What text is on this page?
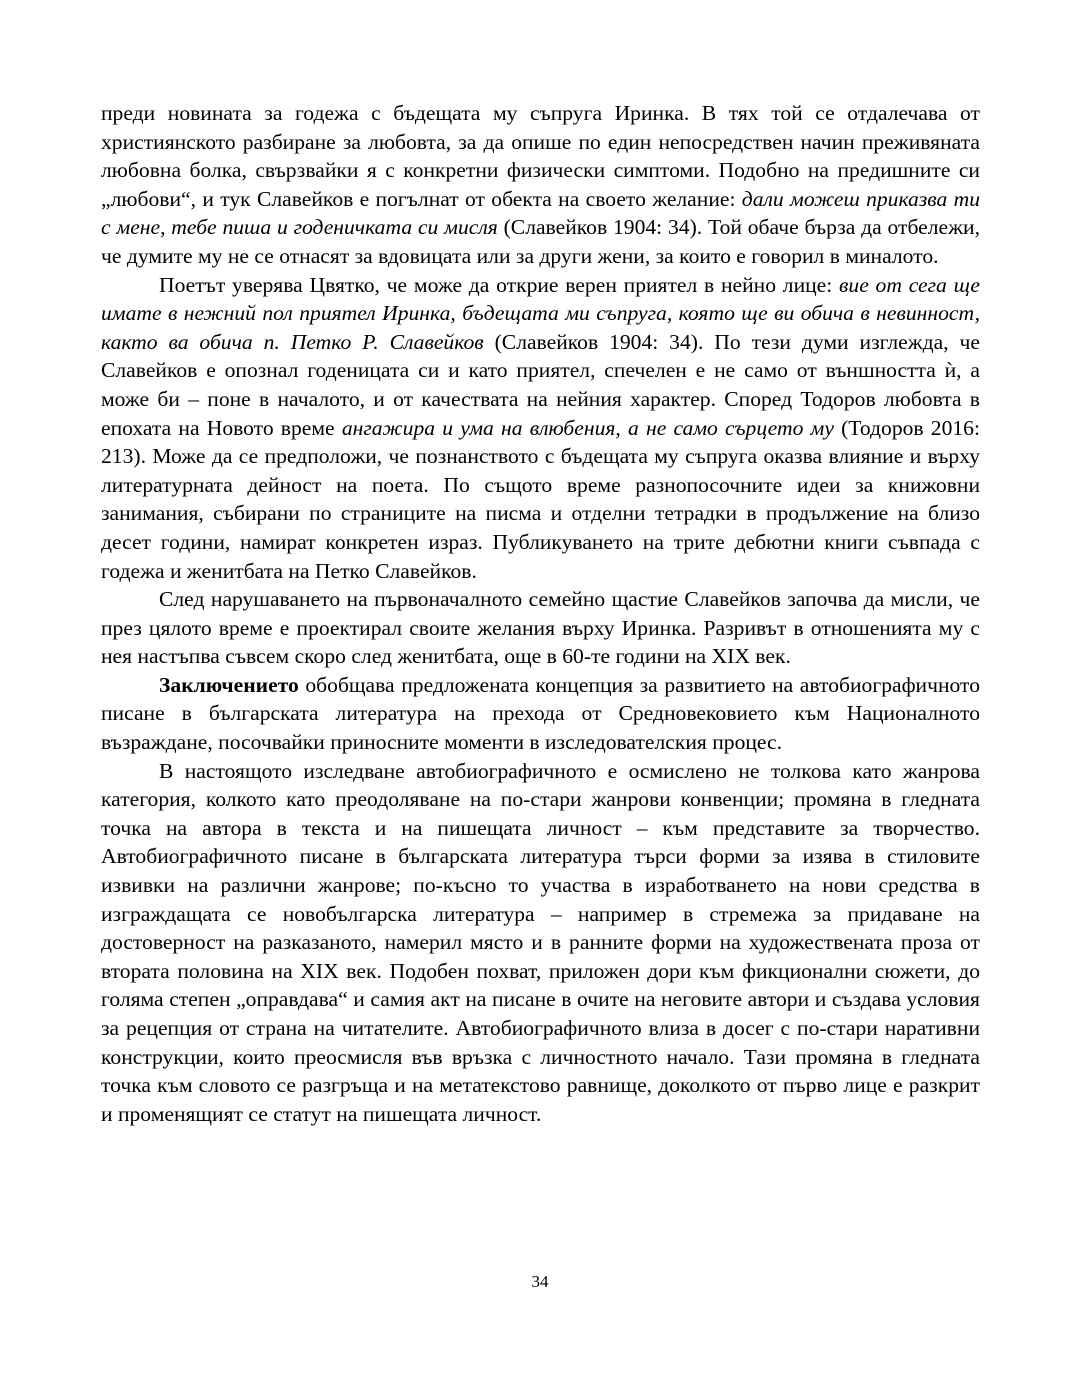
преди новината за годежа с бъдещата му съпруга Иринка. В тях той се отдалечава от християнското разбиране за любовта, за да опише по един непосредствен начин преживяната любовна болка, свързвайки я с конкретни физически симптоми. Подобно на предишните си „любови“, и тук Славейков е погълнат от обекта на своето желание: дали можеш приказва ти с мене, тебе пиша и годеничката си мисля (Славейков 1904: 34). Той обаче бърза да отбележи, че думите му не се отнасят за вдовицата или за други жени, за които е говорил в миналото.

Поетът уверява Цвятко, че може да открие верен приятел в нейно лице: вие от сега ще имате в нежний пол приятел Иринка, бъдещата ми съпруга, която ще ви обича в невинност, както ва обича п. Петко Р. Славейков (Славейков 1904: 34). По тези думи изглежда, че Славейков е опознал годеницата си и като приятел, спечелен е не само от външността ѝ, а може би – поне в началото, и от качествата на нейния характер. Според Тодоров любовта в епохата на Новото време ангажира и ума на влюбения, а не само сърцето му (Тодоров 2016: 213). Може да се предположи, че познанството с бъдещата му съпруга оказва влияние и върху литературната дейност на поета. По същото време разнопосочните идеи за книжовни занимания, събирани по страниците на писма и отделни тетрадки в продължение на близо десет години, намират конкретен израз. Публикуването на трите дебютни книги съвпада с годежа и женитбата на Петко Славейков.

След нарушаването на първоначалното семейно щастие Славейков започва да мисли, че през цялото време е проектирал своите желания върху Иринка. Разривът в отношенията му с нея настъпва съвсем скоро след женитбата, още в 60-те години на XIX век.

Заключението обобщава предложената концепция за развитието на автобиографичното писане в българската литература на прехода от Средновековието към Националното възраждане, посочвайки приносните моменти в изследователския процес.

В настоящото изследване автобиографичното е осмислено не толкова като жанрова категория, колкото като преодоляване на по-стари жанрови конвенции; промяна в гледната точка на автора в текста и на пишещата личност – към представите за творчество. Автобиографичното писане в българската литература търси форми за изява в стиловите извивки на различни жанрове; по-късно то участва в изработването на нови средства в изграждащата се новобългарска литература – например в стремежа за придаване на достоверност на разказаното, намерил място и в ранните форми на художествената проза от втората половина на XIX век. Подобен похват, приложен дори към фикционални сюжети, до голяма степен „оправдава“ и самия акт на писане в очите на неговите автори и създава условия за рецепция от страна на читателите. Автобиографичното влиза в досег с по-стари наративни конструкции, които преосмисля във връзка с личностното начало. Тази промяна в гледната точка към словото се разгръща и на метатекстово равнище, доколкото от първо лице е разкрит и променящият се статут на пишещата личност.

34
